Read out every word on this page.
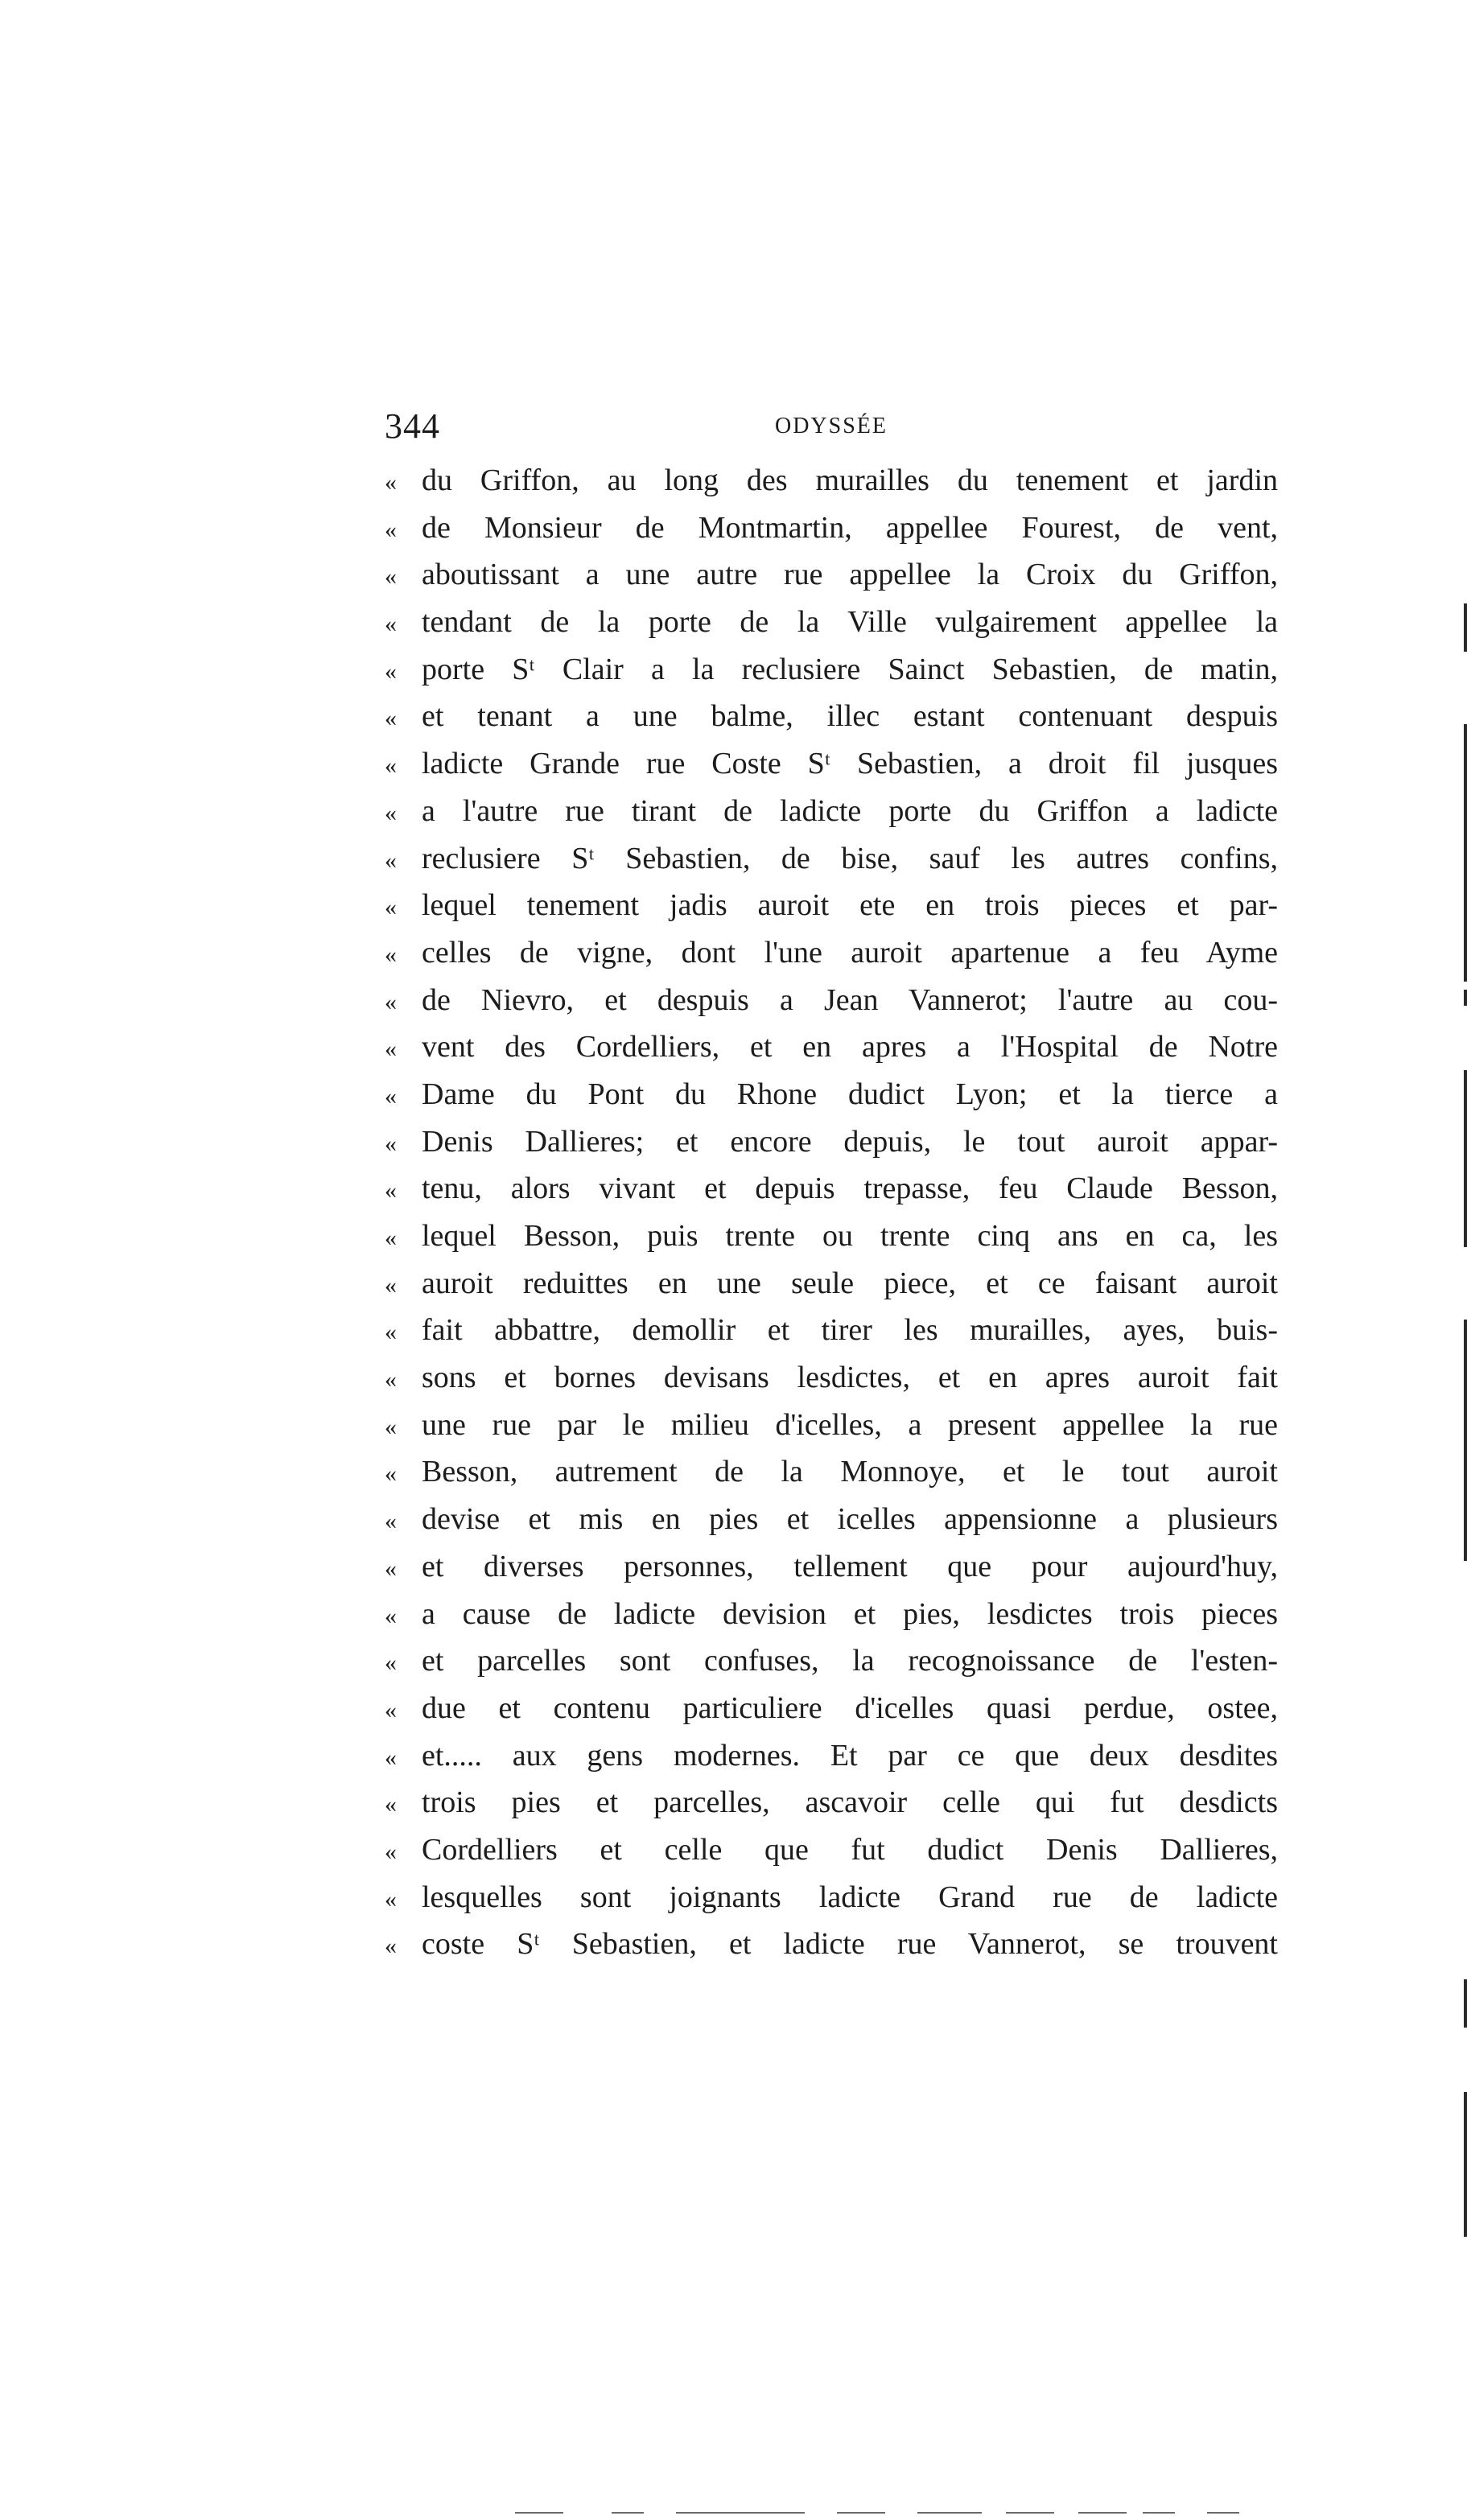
344	ODYSSÉE
« du Griffon, au long des murailles du tenement et jardin
« de Monsieur de Montmartin, appellee Fourest, de vent,
« aboutissant a une autre rue appellee la Croix du Griffon,
« tendant de la porte de la Ville vulgairement appellee la
« porte Sᵗ Clair a la reclusiere Sainct Sebastien, de matin,
« et tenant a une balme, illec estant contenuant despuis
« ladicte Grande rue Coste Sᵗ Sebastien, a droit fil jusques
« a l'autre rue tirant de ladicte porte du Griffon a ladicte
« reclusiere Sᵗ Sebastien, de bise, sauf les autres confins,
« lequel tenement jadis auroit ete en trois pieces et par-
« celles de vigne, dont l'une auroit apartenue a feu Ayme
« de Nievro, et despuis a Jean Vannerot; l'autre au cou-
« vent des Cordelliers, et en apres a l'Hospital de Notre
« Dame du Pont du Rhone dudict Lyon; et la tierce a
« Denis Dallieres; et encore depuis, le tout auroit appar-
« tenu, alors vivant et depuis trepasse, feu Claude Besson,
« lequel Besson, puis trente ou trente cinq ans en ca, les
« auroit reduittes en une seule piece, et ce faisant auroit
« fait abbattre, demollir et tirer les murailles, ayes, buis-
« sons et bornes devisans lesdictes, et en apres auroit fait
« une rue par le milieu d'icelles, a present appellee la rue
« Besson, autrement de la Monnoye, et le tout auroit
« devise et mis en pies et icelles appensionne a plusieurs
« et diverses personnes, tellement que pour aujourd'huy,
« a cause de ladicte devision et pies, lesdictes trois pieces
« et parcelles sont confuses, la recognoissance de l'esten-
« due et contenu particuliere d'icelles quasi perdue, ostee,
« et..... aux gens modernes. Et par ce que deux desdites
« trois pies et parcelles, ascavoir celle qui fut desdicts
« Cordelliers et celle que fut dudict Denis Dallieres,
« lesquelles sont joignants ladicte Grand rue de ladicte
« coste Sᵗ Sebastien, et ladicte rue Vannerot, se trouvent
